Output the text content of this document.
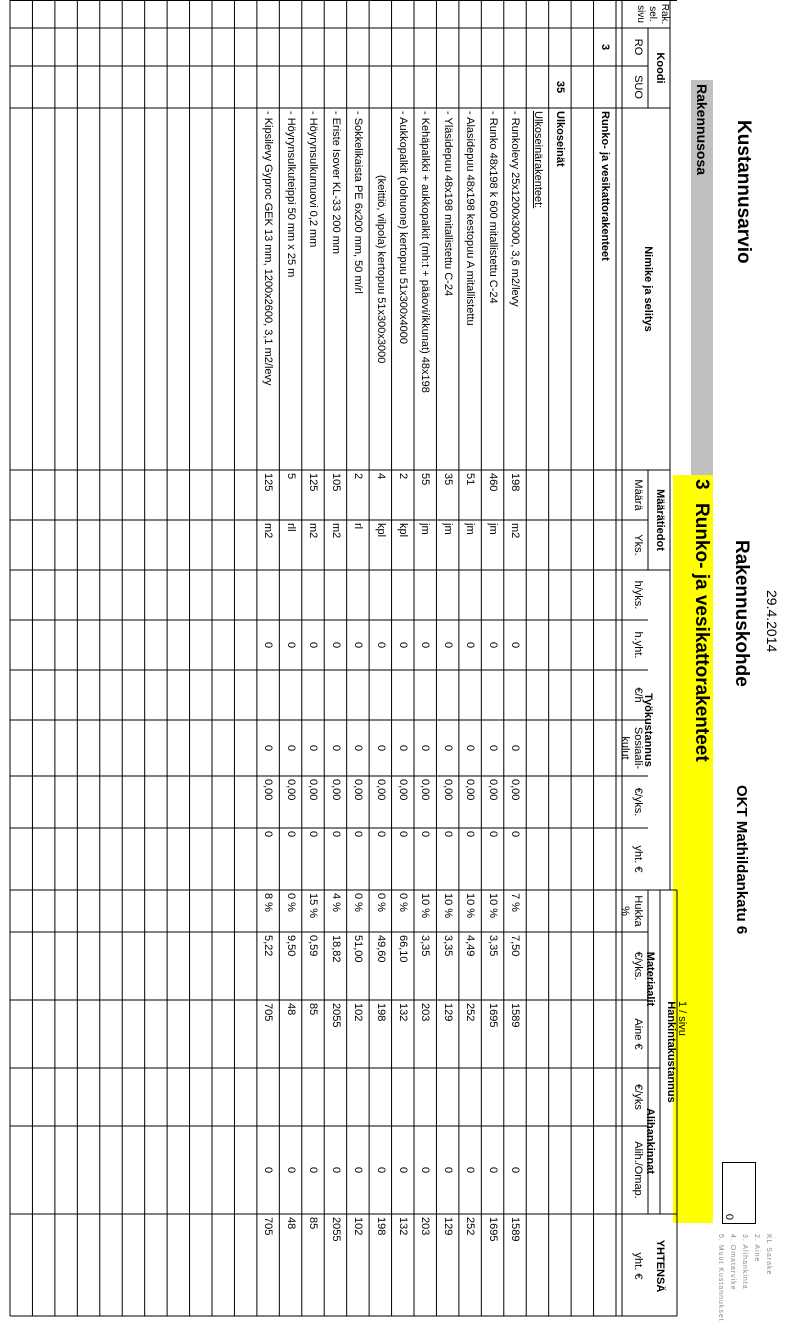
Kustannusarvio
29.4.2014
Rakennuskohde
OKT Mathildankatu 6
0
KL Sarake
2. Aine
3. Alihankinta
4. Omatarvike
5. Muut Kustannukset
Rakennusosa
3
Runko- ja vesikattorakenteet
1 / sivu
Rak. sel. sivu
Koodi
RO
SUO
Nimike ja selitys
Määrätiedot
Määrä
Yks.
Työkustannus
h/yks.
h.yht.
€/h
Sosiaali-
kulut
€/yks.
yht. €
Hankintakustannus
Materiaalit
Hukka
%
€/yks.
Aine €
Alihankinnat
€/yks
Alih./Omap.
YHTENSÄ
yht. €
3
Runko- ja vesikattorakenteet
35
Ulkoseinät
Ulkoseinärakenteet:
- Runkolevy 25x1200x3000, 3,6 m2/levy
198
m2
0
0
0,00
0
7 %
7,50
1589
0
1589
- Runko 48x198 k 600 mitallistettu C-24
460
jm
0
0
0,00
0
10 %
3,35
1695
0
1695
- Alasidepuu 48x198 kestopuu A mitallistettu
51
jm
0
0
0,00
0
10 %
4,49
252
0
252
- Yläsidepuu 48x198 mitallistettu C-24
35
jm
0
0
0,00
0
10 %
3,35
129
0
129
- Kehäpalkki + aukkopalkit (mh:t + pääovi/ikkunat) 48x198
55
jm
0
0
0,00
0
10 %
3,35
203
0
203
- Aukkopalkit (olohuone) kertopuu 51x300x4000
2
kpl
0
0
0,00
0
0 %
66,10
132
0
132
(keittiö, vilpola) kertopuu 51x300x3000
4
kpl
0
0
0,00
0
0 %
49,60
198
0
198
- Sokkelikaista PE 6x200 mm, 50 m/rl
2
rl
0
0
0,00
0
0 %
51,00
102
0
102
- Eriste Isover KL-33 200 mm
105
m2
0
0
0,00
0
4 %
18,82
2055
0
2055
- Höyrynsulkumuovi 0,2 mm
125
m2
0
0
0,00
0
15 %
0,59
85
0
85
- Höyrynsulkuteippi 50 mm x 25 m
5
rll
0
0
0,00
0
0 %
9,50
48
0
48
- Kipsilevy Gyproc GEK 13 mm, 1200x2600, 3,1 m2/levy
125
m2
0
0
0,00
0
8 %
5,22
705
0
705
